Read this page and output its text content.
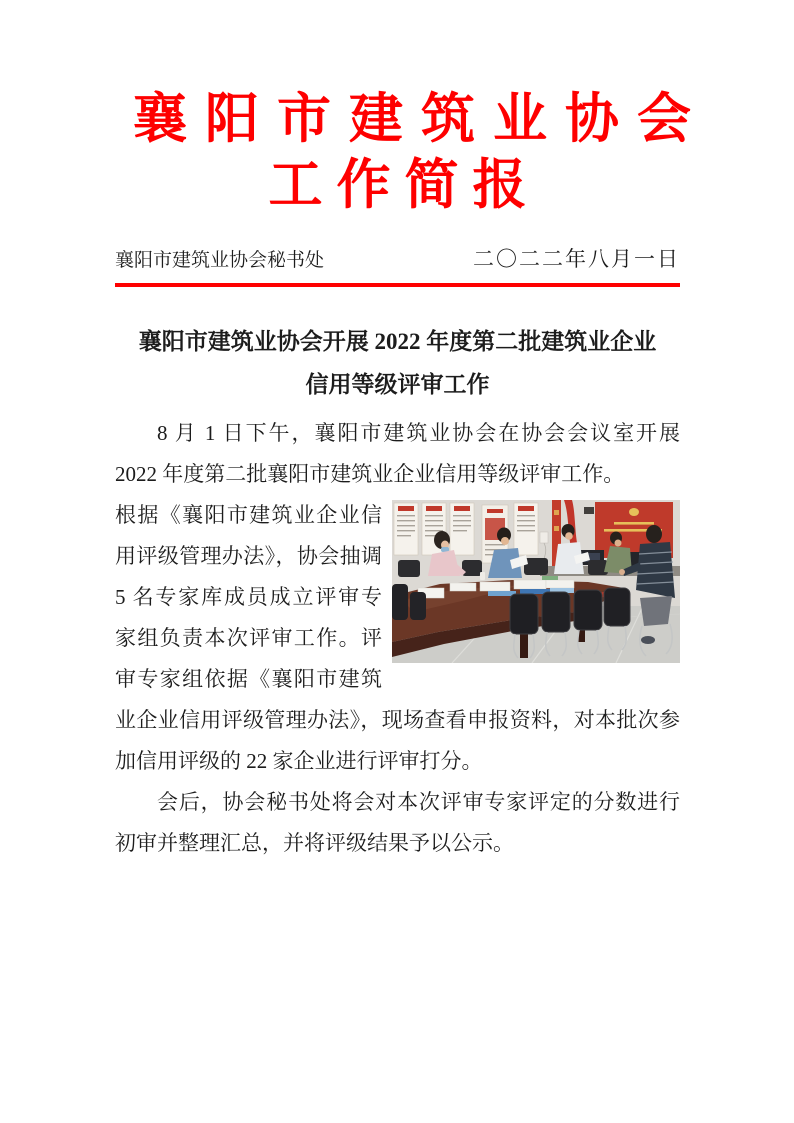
襄阳市建筑业协会
工作简报
襄阳市建筑业协会秘书处	二〇二二年八月一日
襄阳市建筑业协会开展 2022 年度第二批建筑业企业
信用等级评审工作

8 月 1 日下午，襄阳市建筑业协会在协会会议室开展 2022 年度第二批襄阳市建筑业企业信用等级评审工作。

根据《襄阳市建筑业企业信用评级管理办法》，协会抽调 5 名专家库成员成立评审专家组负责本次评审工作。评审专家组依据《襄阳市建筑业企业信用评级管理办法》，现场查看申报资料，对本批次参加信用评级的 22 家企业进行评审打分。

会后，协会秘书处将会对本次评审专家评定的分数进行初审并整理汇总，并将评级结果予以公示。
